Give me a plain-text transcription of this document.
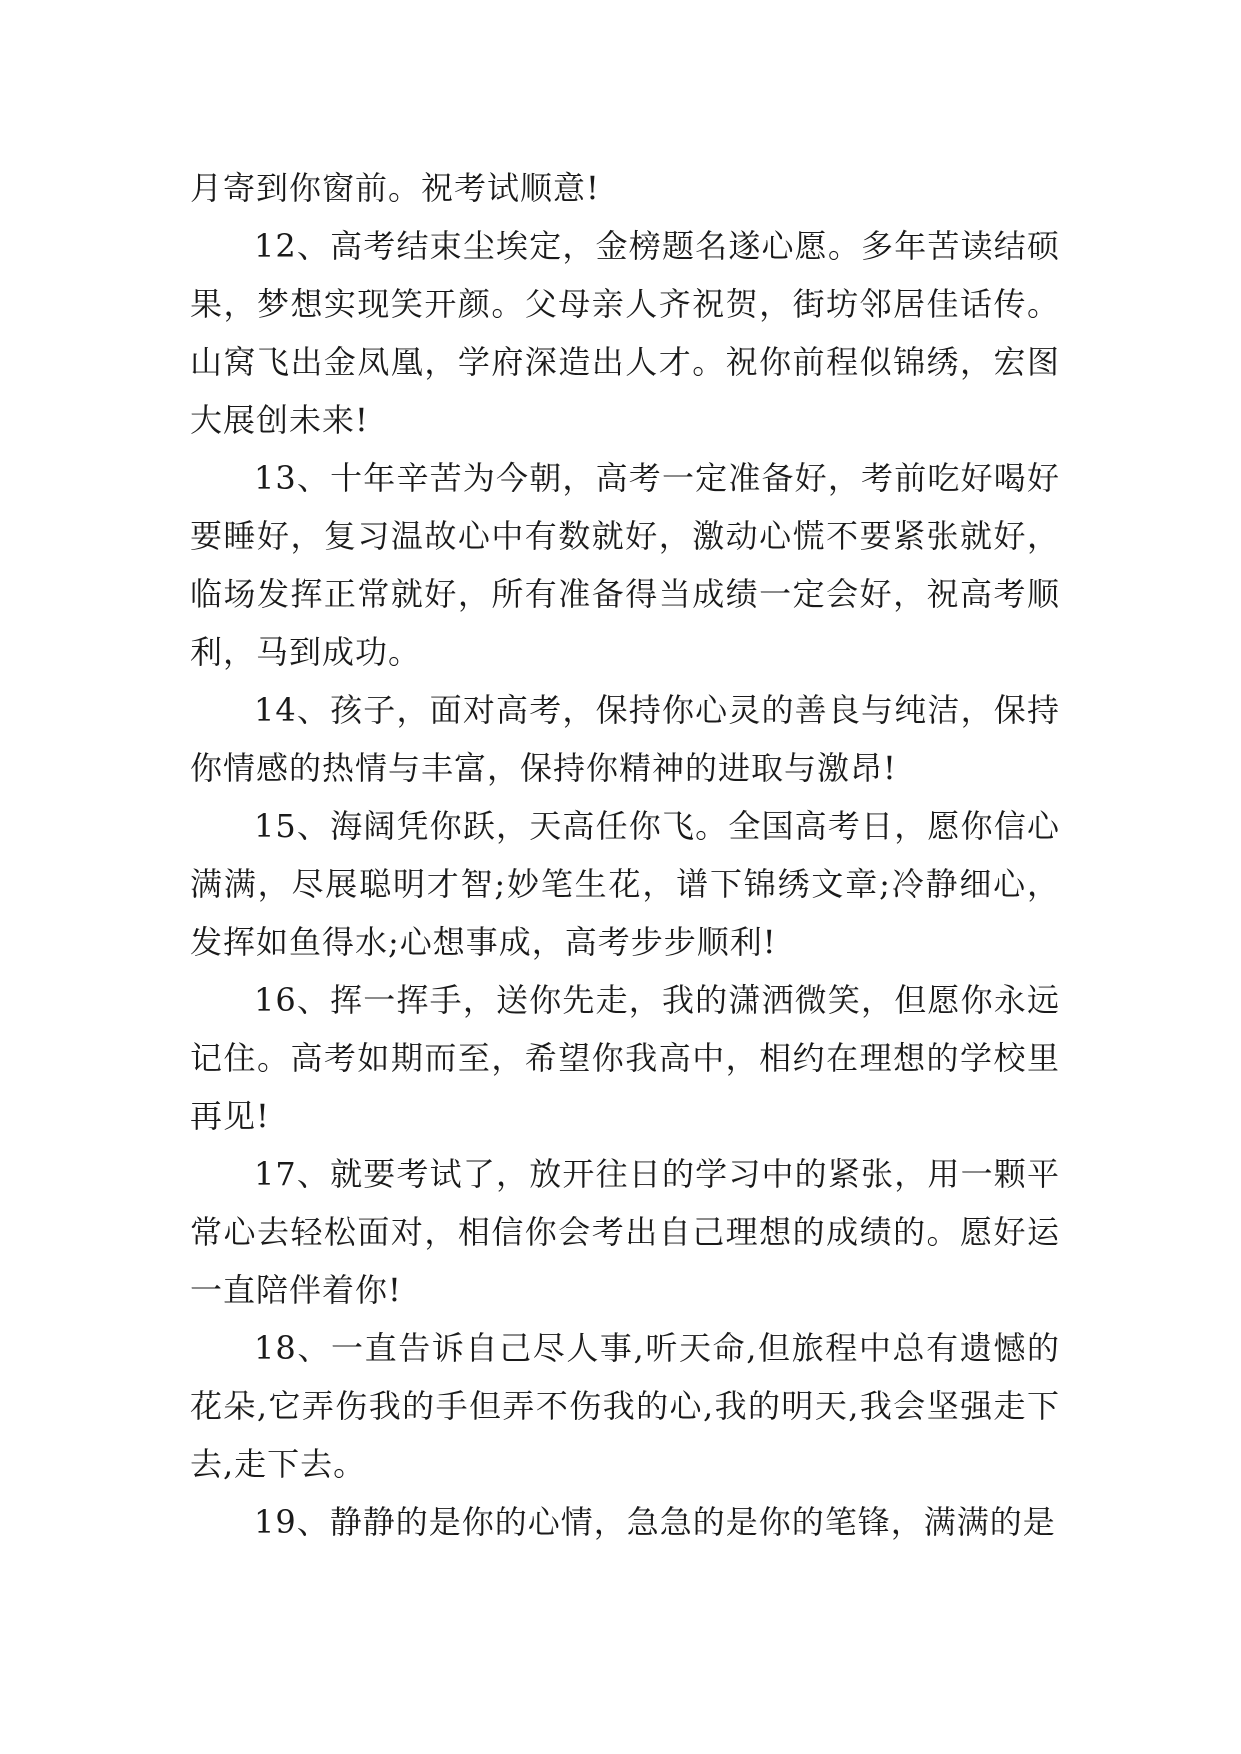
月寄到你窗前。祝考试顺意!

12、高考结束尘埃定，金榜题名遂心愿。多年苦读结硕果，梦想实现笑开颜。父母亲人齐祝贺，街坊邻居佳话传。山窝飞出金凤凰，学府深造出人才。祝你前程似锦绣，宏图大展创未来!

13、十年辛苦为今朝，高考一定准备好，考前吃好喝好要睡好，复习温故心中有数就好，激动心慌不要紧张就好，临场发挥正常就好，所有准备得当成绩一定会好，祝高考顺利，马到成功。

14、孩子，面对高考，保持你心灵的善良与纯洁，保持你情感的热情与丰富，保持你精神的进取与激昂!

15、海阔凭你跃，天高任你飞。全国高考日，愿你信心满满，尽展聪明才智;妙笔生花，谱下锦绣文章;冷静细心，发挥如鱼得水;心想事成，高考步步顺利!

16、挥一挥手，送你先走，我的潇洒微笑，但愿你永远记住。高考如期而至，希望你我高中，相约在理想的学校里再见!

17、就要考试了，放开往日的学习中的紧张，用一颗平常心去轻松面对，相信你会考出自己理想的成绩的。愿好运一直陪伴着你!

18、一直告诉自己尽人事,听天命,但旅程中总有遗憾的花朵,它弄伤我的手但弄不伤我的心,我的明天,我会坚强走下去,走下去。

19、静静的是你的心情，急急的是你的笔锋，满满的是
